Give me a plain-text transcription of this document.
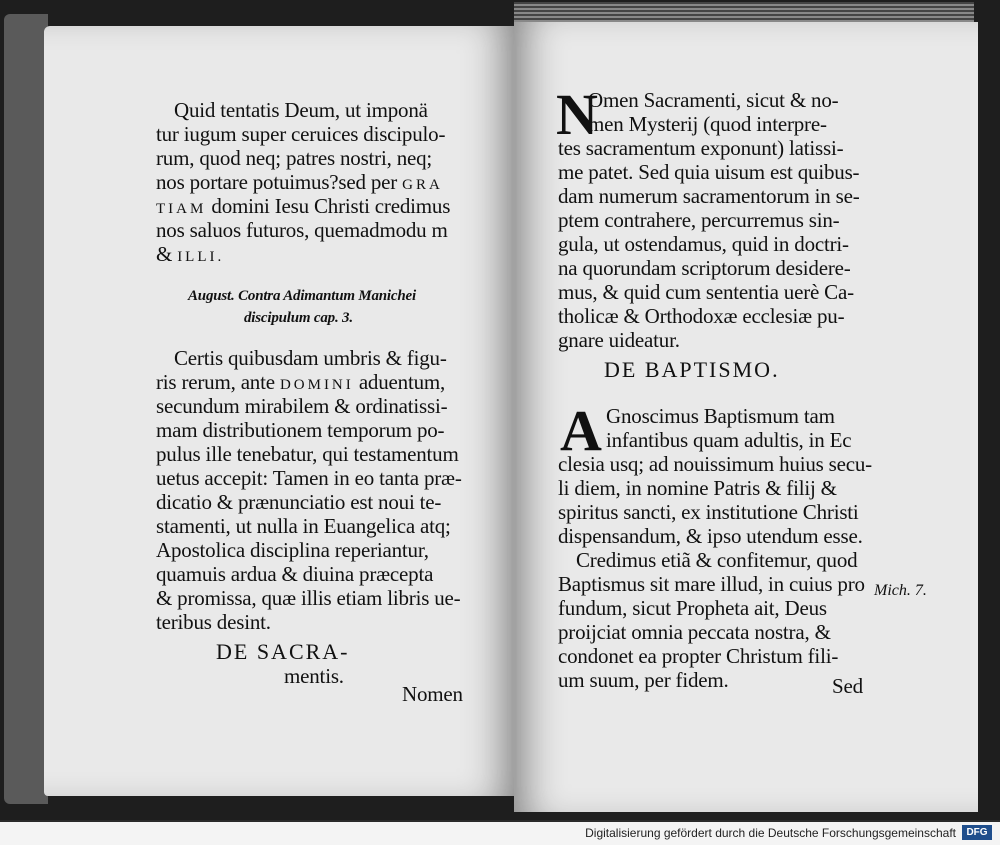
Quid tentatis Deum, ut imponä
tur iugum super ceruices discipulo-
rum, quod neq; patres nostri, neq;
nos portare potuimus?sed per GRA
TIAM domini Iesu Christi credimus
nos saluos futuros, quemadmodu m
& ILLI.
August. Contra Adimantum Manichei
discipulum cap. 3.
Certis quibusdam umbris & figu-
ris rerum, ante DOMINI aduentum,
secundum mirabilem & ordinatissi-
mam distributionem temporum po-
pulus ille tenebatur, qui testamentum
uetus accepit: Tamen in eo tanta præ-
dicatio & prænunciatio est noui te-
stamenti, ut nulla in Euangelica atq;
Apostolica disciplina reperiantur,
quamuis ardua & diuina præcepta
& promissa, quæ illis etiam libris ue-
teribus desint.
DE SACRA-
mentis.
Nomen
N
Omen Sacramenti, sicut & no-
men Mysterij (quod interpre-
tes sacramentum exponunt) latissi-
me patet. Sed quia uisum est quibus-
dam numerum sacramentorum in se-
ptem contrahere, percurremus sin-
gula, ut ostendamus, quid in doctri-
na quorundam scriptorum desidere-
mus, & quid cum sententia uerè Ca-
tholicæ & Orthodoxæ ecclesiæ pu-
gnare uideatur.
DE BAPTISMO.
A Gnoscimus Baptismum tam
infantibus quam adultis, in Ec
clesia usq; ad nouissimum huius secu-
li diem, in nomine Patris & filij &
spiritus sancti, ex institutione Christi
dispensandum, & ipso utendum esse.
Credimus etiã & confitemur, quod
Baptismus sit mare illud, in cuius pro
fundum, sicut Propheta ait, Deus
proijciat omnia peccata nostra, &
condonet ea propter Christum fili-
um suum, per fidem.
Mich. 7.
Sed
Digitalisierung gefördert durch die Deutsche Forschungsgemeinschaft	DFG
